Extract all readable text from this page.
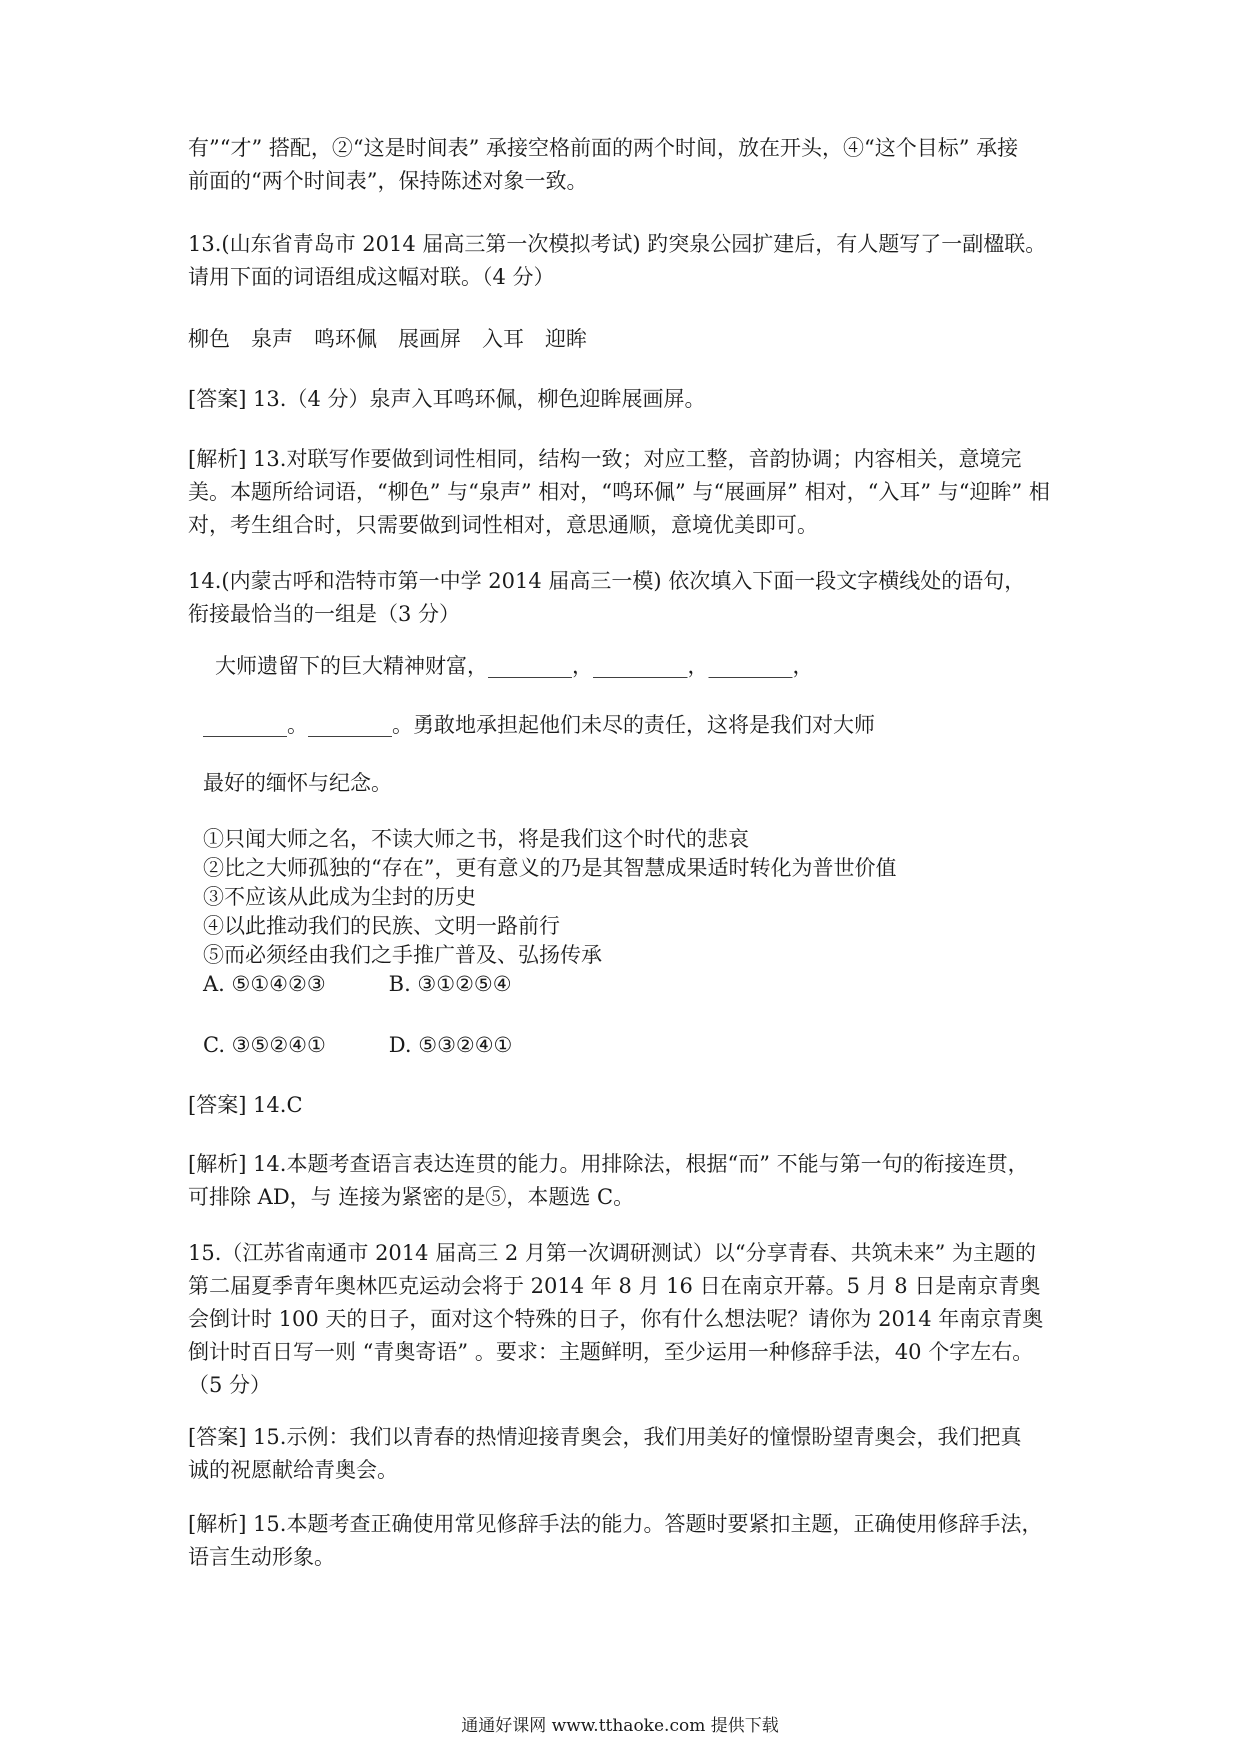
有”“才” 搭配，②“这是时间表” 承接空格前面的两个时间，放在开头，④“这个目标” 承接
前面的“两个时间表”，保持陈述对象一致。

13.(山东省青岛市 2014 届高三第一次模拟考试) 趵突泉公园扩建后，有人题写了一副楹联。
请用下面的词语组成这幅对联。（4 分）

柳色　泉声　鸣环佩　展画屏　入耳　迎眸

[答案] 13.（4 分）泉声入耳鸣环佩，柳色迎眸展画屏。

[解析] 13.对联写作要做到词性相同，结构一致；对应工整，音韵协调；内容相关，意境完
美。本题所给词语，“柳色” 与“泉声” 相对，“鸣环佩” 与“展画屏” 相对，“入耳” 与“迎眸” 相
对，考生组合时，只需要做到词性相对，意思通顺，意境优美即可。

14.(内蒙古呼和浩特市第一中学 2014 届高三一模) 依次填入下面一段文字横线处的语句，
衔接最恰当的一组是（3 分）

大师遗留下的巨大精神财富，________，_________，________，

________。________。勇敢地承担起他们未尽的责任，这将是我们对大师

最好的缅怀与纪念。

①只闻大师之名，不读大师之书，将是我们这个时代的悲哀
②比之大师孤独的“存在”，更有意义的乃是其智慧成果适时转化为普世价值
③不应该从此成为尘封的历史
④以此推动我们的民族、文明一路前行
⑤而必须经由我们之手推广普及、弘扬传承
A. ⑤①④②③　　　B. ③①②⑤④

C. ③⑤②④①　　　D. ⑤③②④①

[答案] 14.C

[解析] 14.本题考查语言表达连贯的能力。用排除法，根据“而” 不能与第一句的衔接连贯，
可排除 AD，与 连接为紧密的是⑤，本题选 C。

15.（江苏省南通市 2014 届高三 2 月第一次调研测试）以“分享青春、共筑未来” 为主题的
第二届夏季青年奥林匹克运动会将于 2014 年 8 月 16 日在南京开幕。5 月 8 日是南京青奥
会倒计时 100 天的日子，面对这个特殊的日子，你有什么想法呢？请你为 2014 年南京青奥
倒计时百日写一则 “青奥寄语” 。要求：主题鲜明，至少运用一种修辞手法，40 个字左右。
（5 分）

[答案] 15.示例：我们以青春的热情迎接青奥会，我们用美好的憧憬盼望青奥会，我们把真
诚的祝愿献给青奥会。

[解析] 15.本题考查正确使用常见修辞手法的能力。答题时要紧扣主题，正确使用修辞手法，
语言生动形象。

通通好课网 www.tthaoke.com 提供下载
